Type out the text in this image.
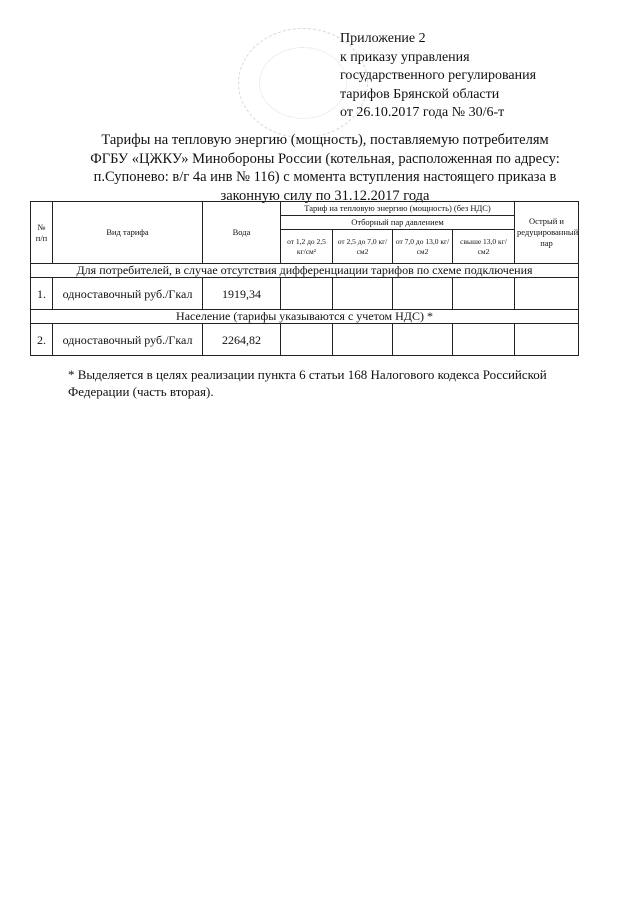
Приложение 2
к приказу управления
государственного регулирования
тарифов Брянской области
от 26.10.2017 года № 30/6-т
Тарифы на тепловую энергию (мощность), поставляемую потребителям
ФГБУ «ЦЖКУ» Минобороны России (котельная, расположенная по адресу:
п.Супонево: в/г 4а инв № 116) с момента вступления настоящего приказа в
законную силу по 31.12.2017 года
№ п/п	Вид тарифа	Вода	Тариф на тепловую энергию (мощность) (без НДС)				Острый и редуцированный пар
			Отборный пар давлением				
			от 1,2 до 2,5 кг/см²	от 2,5 до 7,0 кг/см2	от 7,0 до 13,0 кг/см2	свыше 13,0 кг/см2	
Для потребителей, в случае отсутствия дифференциации тарифов по схеме подключения							
1.	одноставочный руб./Гкал	1919,34					
Население (тарифы указываются с учетом НДС) *							
2.	одноставочный руб./Гкал	2264,82					
* Выделяется в целях реализации пункта 6 статьи 168 Налогового кодекса Российской Федерации (часть вторая).
